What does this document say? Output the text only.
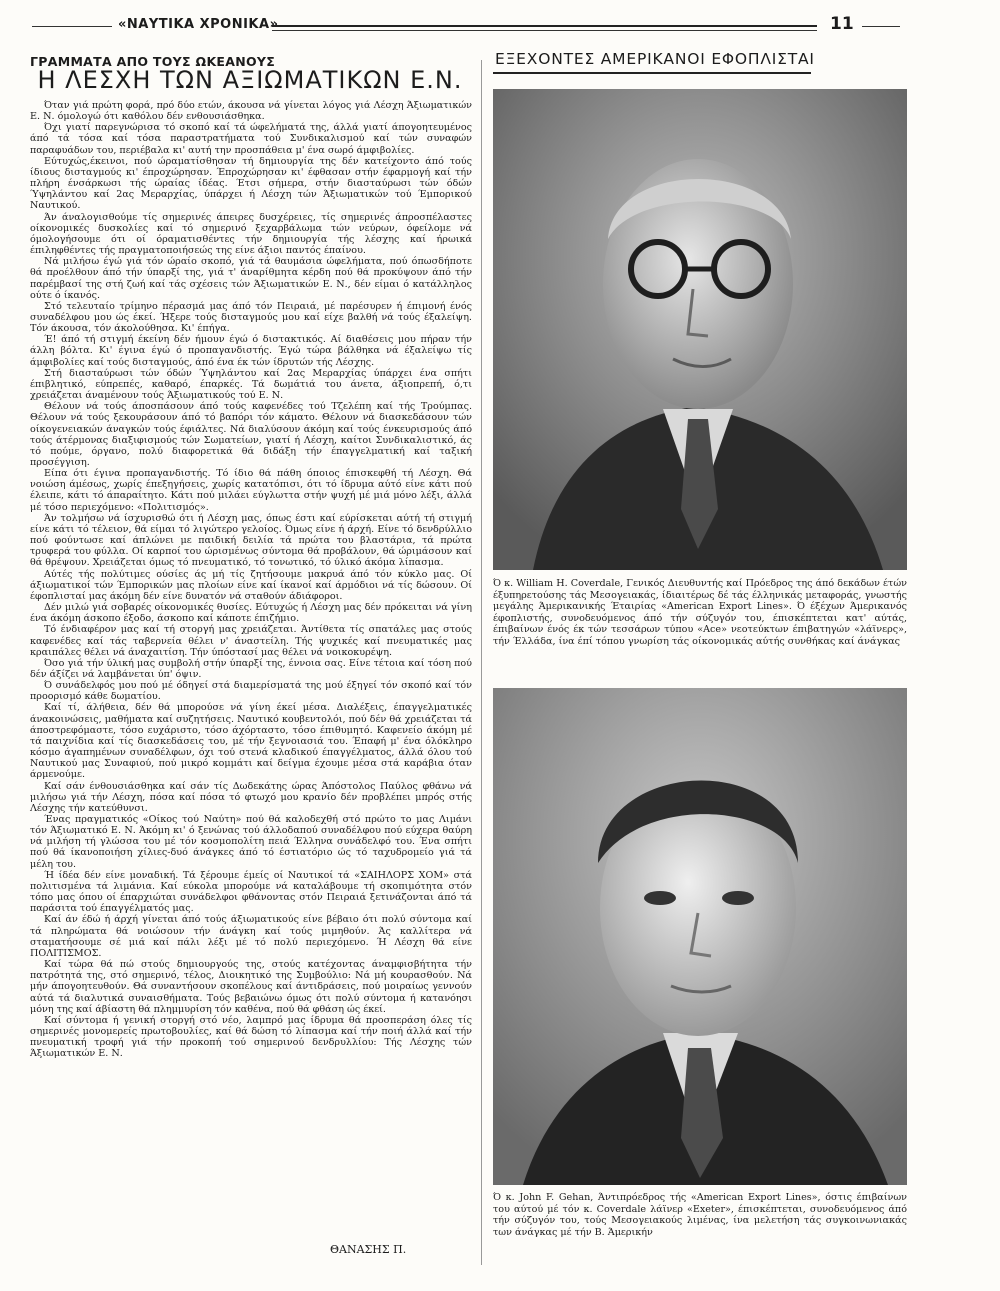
«ΝΑΥΤΙΚΑ ΧΡΟΝΙΚΑ»	11
ΓΡΑΜΜΑΤΑ ΑΠΟ ΤΟΥΣ ΩΚΕΑΝΟΥΣ
Η ΛΕΣΧΗ ΤΩΝ ΑΞΙΩΜΑΤΙΚΩΝ Ε.Ν.

Όταν γιά πρώτη φορά, πρό δύο ετών, άκουσα νά γίνεται λόγος γιά Λέσχη Άξιωματικών Ε. Ν. όμολογώ ότι καθόλου δέν ενθουσιάσθηκα.

Όχι γιατί παρεγνώρισα τό σκοπό καί τά ώφελήματά της, άλλά γιατί άπογοητευμένος άπό τά τόσα καί τόσα παραστρατήματα τού Συνδικαλισμού καί τών συναφών παραφυάδων του, περιέβαλα κι' αυτή την προσπάθεια μ' ένα σωρό άμφιβολίες.

Εύτυχώς,έκεινοι, πού ώραματίσθησαν τή δημιουργία της δέν κατείχοντο άπό τούς ίδιους δισταγμούς κι' έπροχώρησαν. Έπροχώρησαν κι' έφθασαν στήν έφαρμογή καί τήν πλήρη ένσάρκωσι τής ώραίας ίδέας. Έτσι σήμερα, στήν διασταύρωσι τών όδών Ύψηλάντου καί 2ας Μεραρχίας, ύπάρχει ή Λέσχη τών Άξιωματικών τού Έμπορικού Ναυτικού.

Άν άναλογισθούμε τίς σημερινές άπειρες δυσχέρειες, τίς σημερινές άπροσπέλαστες οίκονομικές δυσκολίες καί τό σημερινό ξεχαρβάλωμα τών νεύρων, όφείλομε νά όμολογήσουμε ότι οί όραματισθέντες τήν δημιουργία τής λέσχης καί ήρωικά έπιληφθέντες τής πραγματοποιήσεώς της είνε άξιοι παντός έπαίνου.

Νά μιλήσω έγώ γιά τόν ώραίο σκοπό, γιά τά θαυμάσια ώφελήματα, πού όπωσδήποτε θά προέλθουν άπό τήν ύπαρξί της, γιά τ' άναρίθμητα κέρδη πού θά προκύψουν άπό τήν παρέμβασί της στή ζωή καί τάς σχέσεις τών Άξιωματικών Ε. Ν., δέν είμαι ό κατάλληλος ούτε ό ίκανός.

Στό τελευταίο τρίμηνο πέρασμά μας άπό τόν Πειραιά, μέ παρέσυρεν ή έπιμονή ένός συναδέλφου μου ώς έκεί. Ήξερε τούς δισταγμούς μου καί είχε βαλθή νά τούς έξαλείψη. Τόν άκουσα, τόν άκολούθησα. Κι' έπήγα.

Έ! άπό τή στιγμή έκείνη δέν ήμουν έγώ ό διστακτικός. Αί διαθέσεις μου πήραν τήν άλλη βόλτα. Κι' έγινα έγώ ό προπαγανδιστής. Έγώ τώρα βάλθηκα νά έξαλείψω τίς άμφιβολίες καί τούς δισταγμούς, άπό ένα έκ τών ίδρυτών τής Λέσχης.

Στή διασταύρωσι τών όδών Ύψηλάντου καί 2ας Μεραρχίας ύπάρχει ένα σπήτι έπιβλητικό, εύπρεπές, καθαρό, έπαρκές. Τά δωμάτιά του άνετα, άξιοπρεπή, ό,τι χρειάζεται άναμένουν τούς Άξιωματικούς τού Ε. Ν.

Θέλουν νά τούς άποσπάσουν άπό τούς καφενέδες τού Τζελέπη καί τής Τρούμπας. Θέλουν νά τούς ξεκουράσουν άπό τό βαπόρι τόν κάματο. Θέλουν νά διασκεδάσουν τών οίκογενειακών άναγκών τούς έφιάλτες. Νά διαλύσουν άκόμη καί τούς ένκευρισμούς άπό τούς άτέρμονας διαξιφισμούς τών Σωματείων, γιατί ή Λέσχη, καίτοι Συνδικαλιστικό, άς τό πούμε, όργανο, πολύ διαφορετικά θά διδάξη τήν έπαγγελματική καί ταξική προσέγγιση.

Είπα ότι έγινα προπαγανδιστής. Τό ίδιο θά πάθη όποιος έπισκεφθή τή Λέσχη. Θά νοιώση άμέσως, χωρίς έπεξηγήσεις, χωρίς κατατόπισι, ότι τό ίδρυμα αύτό είνε κάτι πού έλειπε, κάτι τό άπαραίτητο. Κάτι πού μιλάει εύγλωττα στήν ψυχή μέ μιά μόνο λέξι, άλλά μέ τόσο περιεχόμενο: «Πολιτισμός».

Άν τολμήσω νά ίσχυρισθώ ότι ή Λέσχη μας, όπως έστι καί εύρίσκεται αύτή τή στιγμή είνε κάτι τό τέλειον, θά είμαι τό λιγώτερο γελοίος. Όμως είνε ή άρχή. Είνε τό δενδρύλλιο πού φούντωσε καί άπλώνει με παιδική δειλία τά πρώτα του βλαστάρια, τά πρώτα τρυφερά του φύλλα. Οί καρποί του ώρισμένως σύντομα θά προβάλουν, θά ώριμάσουν καί θά θρέψουν. Χρειάζεται όμως τό πνευματικό, τό τονωτικό, τό ύλικό άκόμα λίπασμα.

Αύτές τής πολύτιμες ούσίες άς μή τίς ζητήσουμε μακρυά άπό τόν κύκλο μας. Οί άξιωματικοί τών Έμπορικών μας πλοίων είνε καί ίκανοί καί άρμόδιοι νά τίς δώσουν. Οί έφοπλισταί μας άκόμη δέν είνε δυνατόν νά σταθούν άδιάφοροι.

Δέν μιλώ γιά σοβαρές οίκονομικές θυσίες. Εύτυχώς ή Λέσχη μας δέν πρόκειται νά γίνη ένα άκόμη άσκοπο έξοδο, άσκοπο καί κάποτε έπιζήμιο.

Τό ένδιαφέρον μας καί τή στοργή μας χρειάζεται. Άντίθετα τίς σπατάλες μας στούς καφενέδες καί τάς ταβερνεία θέλει ν' άναστείλη. Τής ψυχικές καί πνευματικές μας κραιπάλες θέλει νά άναχαιτίση. Τήν ύπόστασί μας θέλει νά νοικοκυρέψη.

Όσο γιά τήν ύλική μας συμβολή στήν ύπαρξί της, έννοια σας. Είνε τέτοια καί τόση πού δέν άξίζει νά λαμβάνεται ύπ' όψιν.

Ό συνάδελφός μου πού μέ όδηγεί στά διαμερίσματά της μού έξηγεί τόν σκοπό καί τόν προορισμό κάθε δωματίου.

Καί τί, άλήθεια, δέν θά μπορούσε νά γίνη έκεί μέσα. Διαλέξεις, έπαγγελματικές άνακοινώσεις, μαθήματα καί συζητήσεις. Ναυτικό κουβεντολόι, πού δέν θά χρειάζεται τά άποστρεφόμαστε, τόσο ευχάριστο, τόσο άχόρταστο, τόσο έπιθυμητό. Καφενείο άκόμη μέ τά παιχνίδια καί τίς διασκεδάσεις του, μέ τήν ξεγνοιασιά του. Έπαφή μ' ένα όλόκληρο κόσμο άγαπημένων συναδέλφων, όχι τού στενά κλαδικού έπαγγέλματος, άλλά όλου τού Ναυτικού μας Συναφιού, πού μικρό κομμάτι καί δείγμα έχουμε μέσα στά καράβια όταν άρμενούμε.

Καί σάν ένθουσιάσθηκα καί σάν τίς Δωδεκάτης ώρας Άπόστολος Παύλος φθάνω νά μιλήσω γιά τήν Λέσχη, πόσα καί πόσα τό φτωχό μου κρανίο δέν προβλέπει μπρός στής Λέσχης τήν κατεύθυνσι.

Ένας πραγματικός «Οίκος τού Ναύτη» πού θά καλοδεχθή στό πρώτο το μας Λιμάνι τόν Άξιωματικό Ε. Ν. Άκόμη κι' ό ξενώνας τού άλλοδαπού συναδέλφου πού εύχερα θαύρη νά μιλήση τή γλώσσα του μέ τόν κοσμοπολίτη πειά Έλληνα συνάδελφό του. Ένα σπήτι πού θά ίκανοποιήση χίλιες-δυό άνάγκες άπό τό έστιατόριο ώς τό ταχυδρομείο γιά τά μέλη του.

Ή ίδέα δέν είνε μοναδική. Τά ξέρουμε έμείς οί Ναυτικοί τά «ΣΑΙΗΛΟΡΣ ΧΟΜ» στά πολιτισμένα τά λιμάνια. Καί εύκολα μπορούμε νά καταλάβουμε τή σκοπιμότητα στόν τόπο μας όπου οί έπαρχιώται συνάδελφοι φθάνοντας στόν Πειραιά ξετινάζονται άπό τά παράσιτα τού έπαγγέλματός μας.

Καί άν έδώ ή άρχή γίνεται άπό τούς άξιωματικούς είνε βέβαιο ότι πολύ σύντομα καί τά πληρώματα θά νοιώσουν τήν άνάγκη καί τούς μιμηθούν. Άς καλλίτερα νά σταματήσουμε σέ μιά καί πάλι λέξι μέ τό πολύ περιεχόμενο. Ή Λέσχη θά είνε ΠΟΛΙΤΙΣΜΟΣ.

Καί τώρα θά πώ στούς δημιουργούς της, στούς κατέχοντας άναμφισβήτητα τήν πατρότητά της, στό σημερινό, τέλος, Διοικητικό της Συμβούλιο: Νά μή κουρασθούν. Νά μήν άπογοητευθούν. Θά συναντήσουν σκοπέλους καί άντιδράσεις, πού μοιραίως γεννούν αύτά τά διαλυτικά συναισθήματα. Τούς βεβαιώνω όμως ότι πολύ σύντομα ή κατανόησι μόνη της καί άβίαστη θά πλημμυρίση τόν καθένα, πού θά φθάση ώς έκεί.

Καί σύντομα ή γενική στοργή στό νέο, λαμπρό μας ίδρυμα θά προσπεράση όλες τίς σημερινές μονομερείς πρωτοβουλίες, καί θά δώση τό λίπασμα καί τήν ποιή άλλά καί τήν πνευματική τροφή γιά τήν προκοπή τού σημερινού δενδρυλλίου: Τής Λέσχης τών Άξιωματικών Ε. Ν.

ΘΑΝΑΣΗΣ Π.
ΕΞΕΧΟΝΤΕΣ ΑΜΕΡΙΚΑΝΟΙ ΕΦΟΠΛΙΣΤΑΙ
Ό κ. William H. Coverdale, Γενικός Διευθυντής καί Πρόεδρος της άπό δεκάδων έτών έξυπηρετούσης τάς Μεσογειακάς, ίδιαιτέρως δέ τάς έλληνικάς μεταφοράς, γνωστής μεγάλης Άμερικανικής Έταιρίας «American Export Lines». Ό έξέχων Άμερικανός έφοπλιστής, συνοδευόμενος άπό τήν σύζυγόν του, έπισκέπτεται κατ' αύτάς, έπιβαίνων ένός έκ τών τεσσάρων τύπου «Ace» νεοτεύκτων έπιβατηγών «λάϊνερς», τήν Έλλάδα, ίνα έπί τόπου γνωρίση τάς οίκονομικάς αύτής συνθήκας καί άνάγκας
Ό κ. John F. Gehan, Άντιπρόεδρος τής «American Export Lines», όστις έπιβαίνων του αύτού μέ τόν κ. Coverdale λάϊνερ «Exeter», έπισκέπτεται, συνοδευόμενος άπό τήν σύζυγόν του, τούς Μεσογειακούς λιμένας, ίνα μελετήση τάς συγκοινωνιακάς των άνάγκας μέ τήν Β. Άμερικήν
